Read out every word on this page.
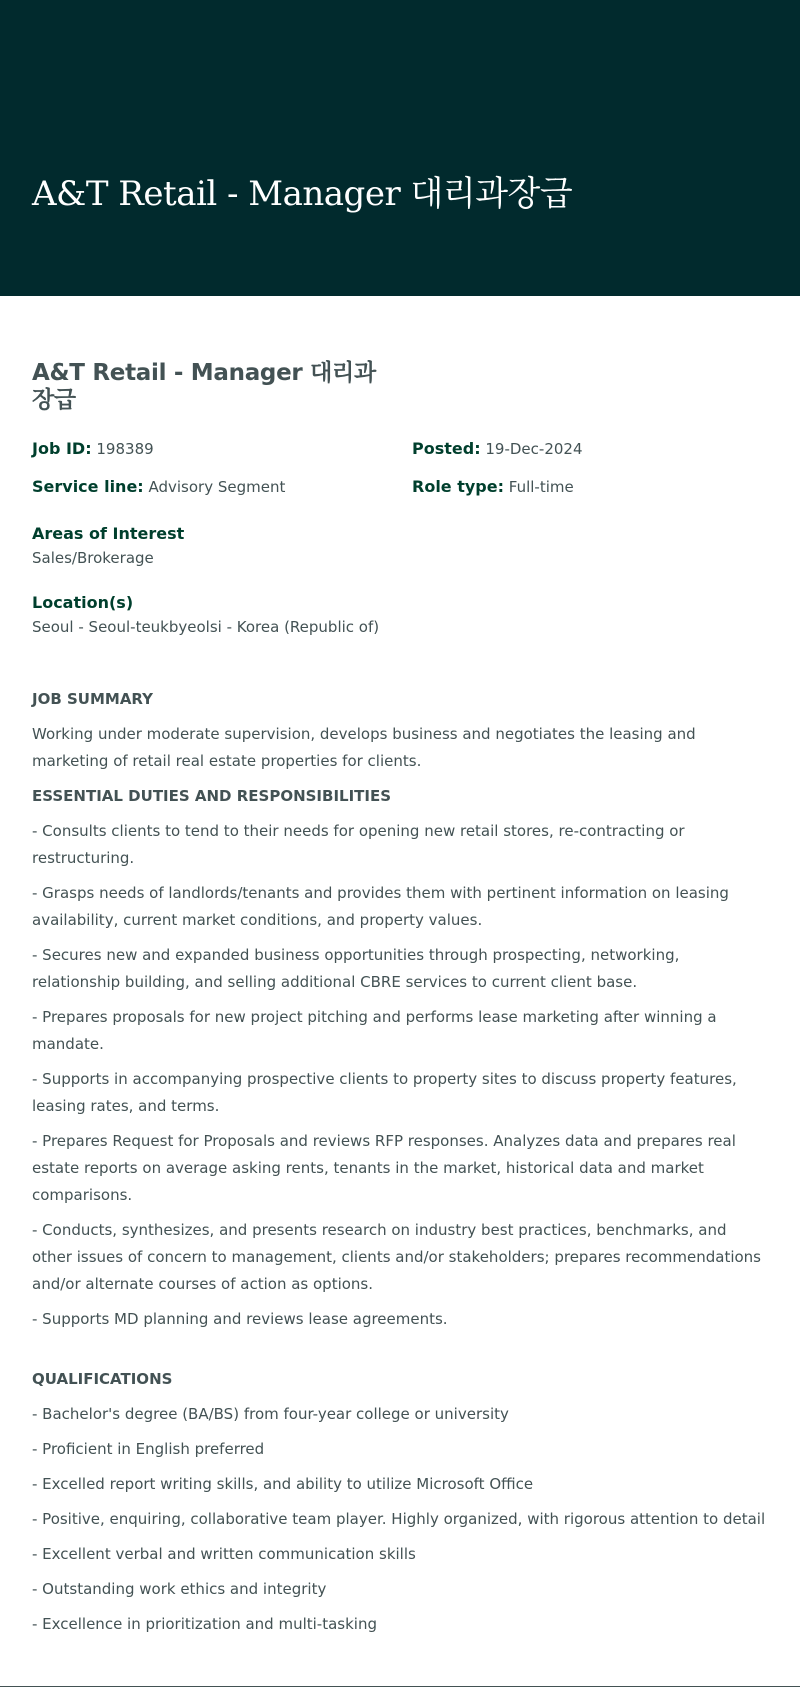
A&T Retail - Manager 대리과장급
A&T Retail - Manager 대리과장급
Job ID: 198389	Posted: 19-Dec-2024
Service line: Advisory Segment	Role type: Full-time
Areas of Interest
Sales/Brokerage
Location(s)
Seoul - Seoul-teukbyeolsi - Korea (Republic of)
JOB SUMMARY

Working under moderate supervision, develops business and negotiates the leasing and marketing of retail real estate properties for clients.

ESSENTIAL DUTIES AND RESPONSIBILITIES

- Consults clients to tend to their needs for opening new retail stores, re-contracting or restructuring.

- Grasps needs of landlords/tenants and provides them with pertinent information on leasing availability, current market conditions, and property values.

- Secures new and expanded business opportunities through prospecting, networking, relationship building, and selling additional CBRE services to current client base.

- Prepares proposals for new project pitching and performs lease marketing after winning a mandate.

- Supports in accompanying prospective clients to property sites to discuss property features, leasing rates, and terms.

- Prepares Request for Proposals and reviews RFP responses. Analyzes data and prepares real estate reports on average asking rents, tenants in the market, historical data and market comparisons.

- Conducts, synthesizes, and presents research on industry best practices, benchmarks, and other issues of concern to management, clients and/or stakeholders; prepares recommendations and/or alternate courses of action as options.

- Supports MD planning and reviews lease agreements.

QUALIFICATIONS

- Bachelor's degree (BA/BS) from four-year college or university

- Proficient in English preferred

- Excelled report writing skills, and ability to utilize Microsoft Office

- Positive, enquiring, collaborative team player. Highly organized, with rigorous attention to detail

- Excellent verbal and written communication skills

- Outstanding work ethics and integrity

- Excellence in prioritization and multi-tasking
